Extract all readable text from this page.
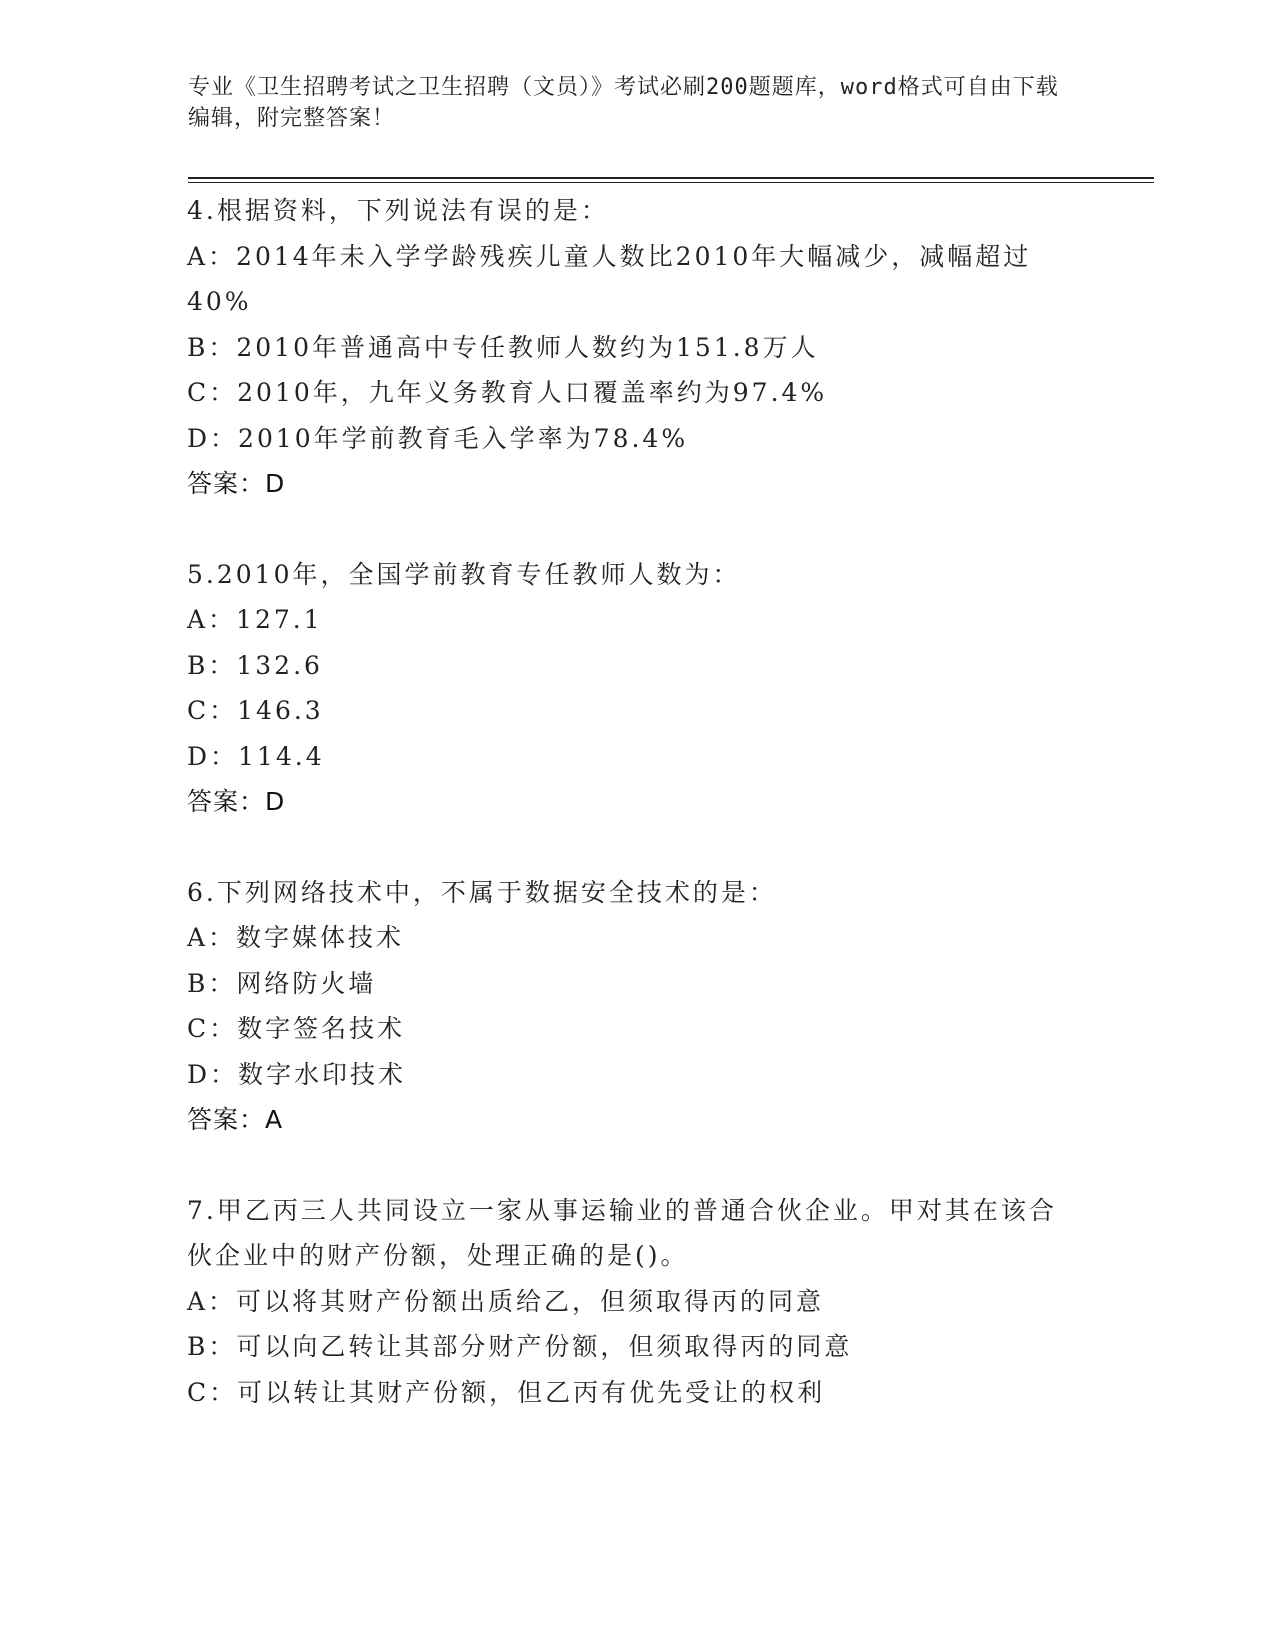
专业《卫生招聘考试之卫生招聘（文员）》考试必刷200题题库，word格式可自由下载编辑，附完整答案！
4.根据资料，下列说法有误的是：
A：2014年未入学学龄残疾儿童人数比2010年大幅减少，减幅超过40%
B：2010年普通高中专任教师人数约为151.8万人
C：2010年，九年义务教育人口覆盖率约为97.4%
D：2010年学前教育毛入学率为78.4%
答案：D
5.2010年，全国学前教育专任教师人数为：
A：127.1
B：132.6
C：146.3
D：114.4
答案：D
6.下列网络技术中，不属于数据安全技术的是：
A：数字媒体技术
B：网络防火墙
C：数字签名技术
D：数字水印技术
答案：A
7.甲乙丙三人共同设立一家从事运输业的普通合伙企业。甲对其在该合伙企业中的财产份额，处理正确的是()。
A：可以将其财产份额出质给乙，但须取得丙的同意
B：可以向乙转让其部分财产份额，但须取得丙的同意
C：可以转让其财产份额，但乙丙有优先受让的权利
